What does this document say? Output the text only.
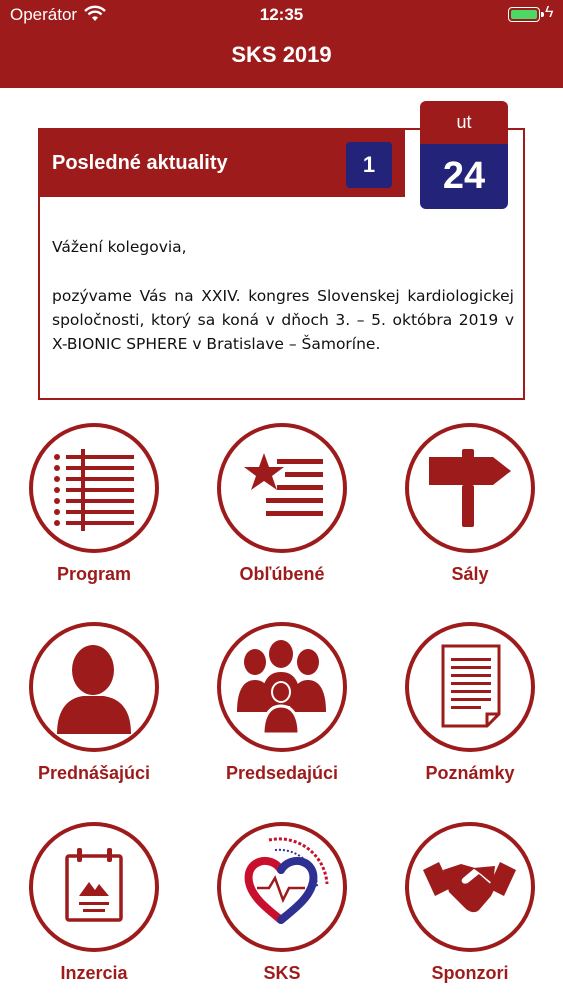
Operátor	12:35	ϟ
SKS 2019
Posledné aktuality	1

Vážení kolegovia,

pozývame Vás na XXIV. kongres Slovenskej kardiologickej spoločnosti, ktorý sa koná v dňoch 3. – 5. októbra 2019 v X-BIONIC SPHERE v Bratislave – Šamoríne.

ut
24
Program	Obľúbené	Sály
Prednášajúci	Predsedajúci	Poznámky
Inzercia	SKS	Sponzori
